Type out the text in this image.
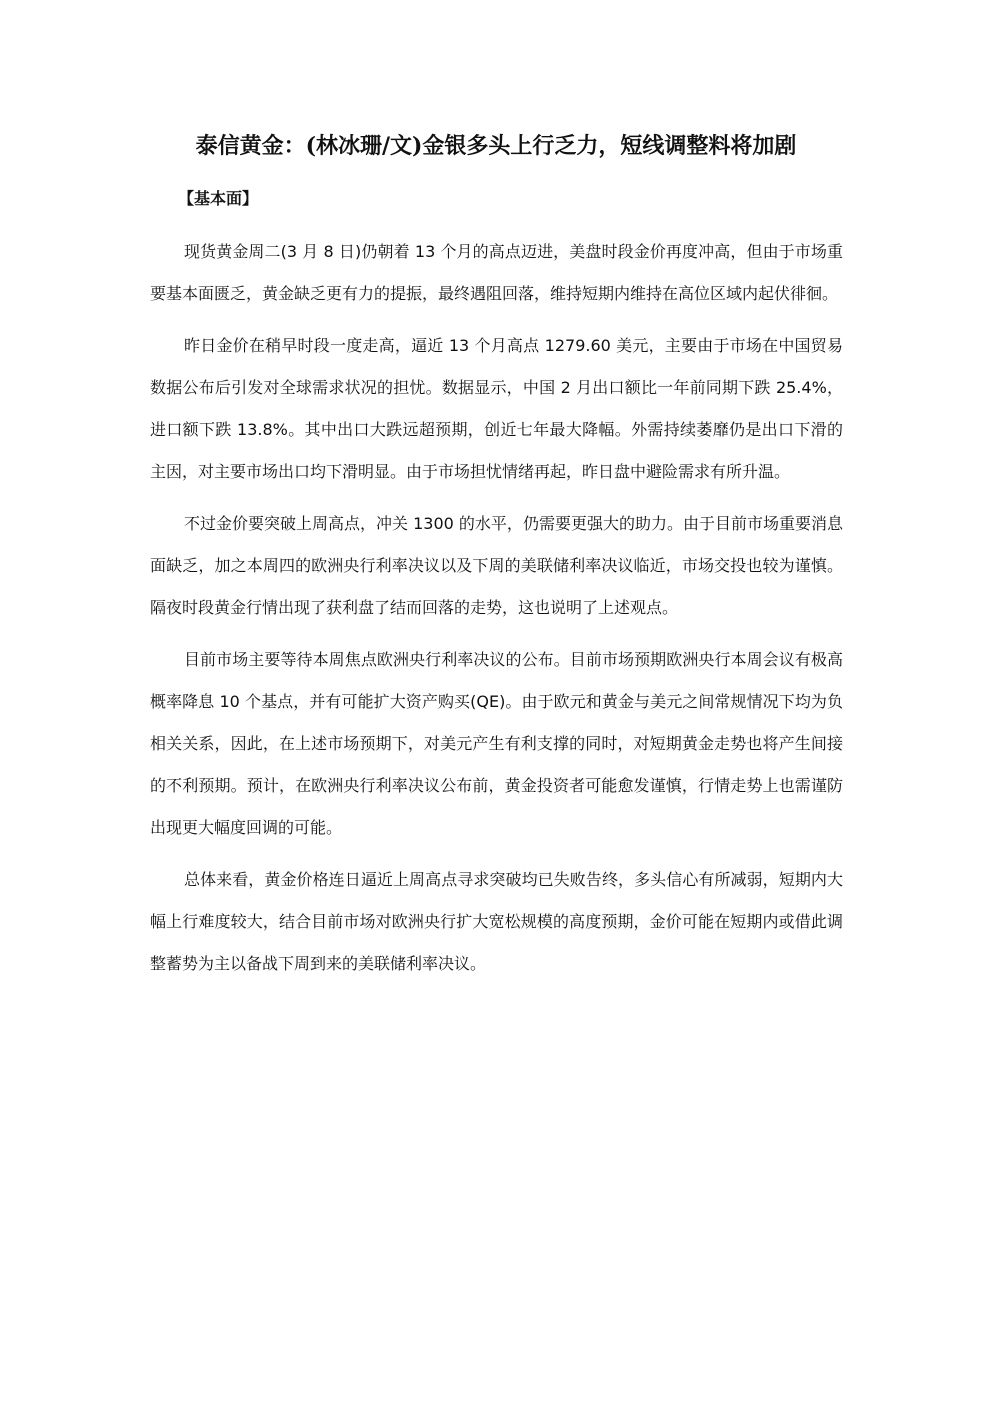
泰信黄金：(林冰珊/文)金银多头上行乏力，短线调整料将加剧
【基本面】

现货黄金周二(3 月 8 日)仍朝着 13 个月的高点迈进，美盘时段金价再度冲高，但由于市场重要基本面匮乏，黄金缺乏更有力的提振，最终遇阻回落，维持短期内维持在高位区域内起伏徘徊。

昨日金价在稍早时段一度走高，逼近 13 个月高点 1279.60 美元，主要由于市场在中国贸易数据公布后引发对全球需求状况的担忧。数据显示，中国 2 月出口额比一年前同期下跌 25.4%，进口额下跌 13.8%。其中出口大跌远超预期，创近七年最大降幅。外需持续萎靡仍是出口下滑的主因，对主要市场出口均下滑明显。由于市场担忧情绪再起，昨日盘中避险需求有所升温。

不过金价要突破上周高点，冲关 1300 的水平，仍需要更强大的助力。由于目前市场重要消息面缺乏，加之本周四的欧洲央行利率决议以及下周的美联储利率决议临近，市场交投也较为谨慎。隔夜时段黄金行情出现了获利盘了结而回落的走势，这也说明了上述观点。

目前市场主要等待本周焦点欧洲央行利率决议的公布。目前市场预期欧洲央行本周会议有极高概率降息 10 个基点，并有可能扩大资产购买(QE)。由于欧元和黄金与美元之间常规情况下均为负相关关系，因此，在上述市场预期下，对美元产生有利支撑的同时，对短期黄金走势也将产生间接的不利预期。预计，在欧洲央行利率决议公布前，黄金投资者可能愈发谨慎，行情走势上也需谨防出现更大幅度回调的可能。

总体来看，黄金价格连日逼近上周高点寻求突破均已失败告终，多头信心有所减弱，短期内大幅上行难度较大，结合目前市场对欧洲央行扩大宽松规模的高度预期，金价可能在短期内或借此调整蓄势为主以备战下周到来的美联储利率决议。
